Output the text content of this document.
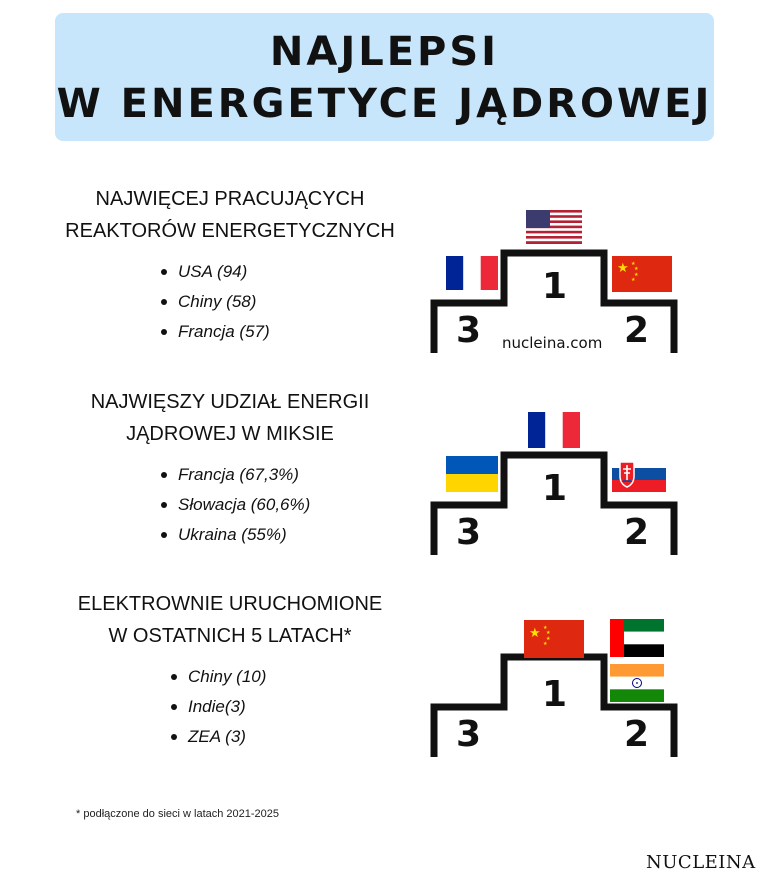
NAJLEPSI
W ENERGETYCE JĄDROWEJ
NAJWIĘCEJ PRACUJĄCYCH
REAKTORÓW ENERGETYCZNYCH
USA (94)
Chiny (58)
Francja (57)
NAJWIĘSZY UDZIAŁ ENERGII
JĄDROWEJ W MIKSIE
Francja (67,3%)
Słowacja (60,6%)
Ukraina (55%)
ELEKTROWNIE URUCHOMIONE
W OSTATNICH 5 LATACH*
Chiny (10)
Indie(3)
ZEA (3)
1
2
3 nucleina.com
★ ★
★
★
★
1
2
3
1
2
3
★ ★
★
★
★
* podłączone do sieci w latach 2021-2025
NUCLEINA
